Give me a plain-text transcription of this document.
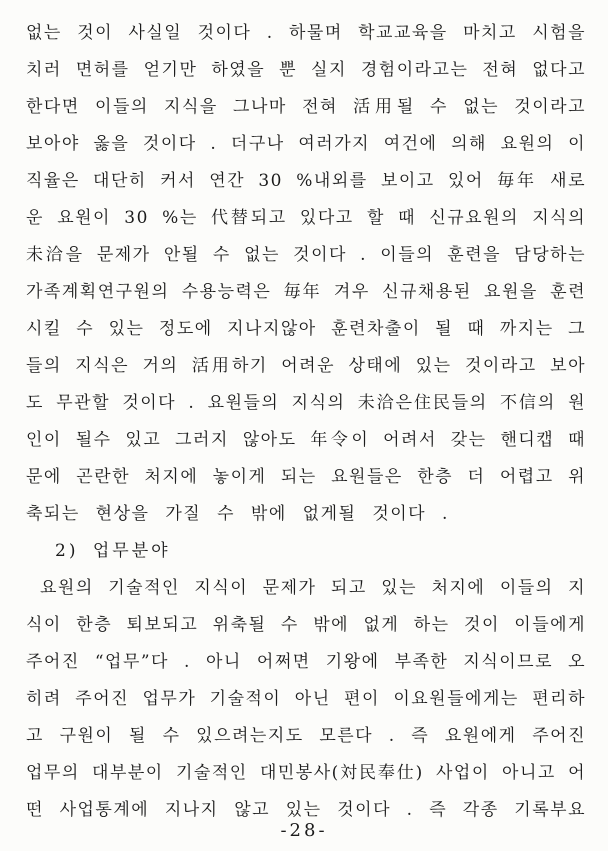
없는 것이 사실일 것이다 . 하물며 학교교육을 마치고 시험을
치러 면허를 얻기만 하였을 뿐 실지 경험이라고는 전혀 없다고
한다면 이들의 지식을 그나마 전혀 活用될 수 없는 것이라고
보아야 옳을 것이다 . 더구나 여러가지 여건에 의해 요원의 이
직율은 대단히 커서 연간 30 %내외를 보이고 있어 毎年 새로
운 요원이 30 %는 代替되고 있다고 할 때 신규요원의 지식의
未洽을 문제가 안될 수 없는 것이다 . 이들의 훈련을 담당하는
가족계획연구원의 수용능력은 毎年 겨우 신규채용된 요원을 훈련
시킬 수 있는 정도에 지나지않아 훈련차출이 될 때 까지는 그
들의 지식은 거의 活用하기 어려운 상태에 있는 것이라고 보아
도 무관할 것이다 . 요원들의 지식의 未洽은住民들의 不信의 원
인이 될수 있고 그러지 않아도 年令이 어려서 갖는 핸디캡 때
문에 곤란한 처지에 놓이게 되는 요원들은 한층 더 어렵고 위
축되는 현상을 가질 수 밖에 없게될 것이다 .
2) 업무분야
요원의 기술적인 지식이 문제가 되고 있는 처지에 이들의 지
식이 한층 퇴보되고 위축될 수 밖에 없게 하는 것이 이들에게
주어진 “업무”다 . 아니 어쩌면 기왕에 부족한 지식이므로 오
히려 주어진 업무가 기술적이 아닌 편이 이요원들에게는 편리하
고 구원이 될 수 있으려는지도 모른다 . 즉 요원에게 주어진
업무의 대부분이 기술적인 대민봉사(対民奉仕) 사업이 아니고 어
떤 사업통계에 지나지 않고 있는 것이다 . 즉 각종 기록부요
-28-
